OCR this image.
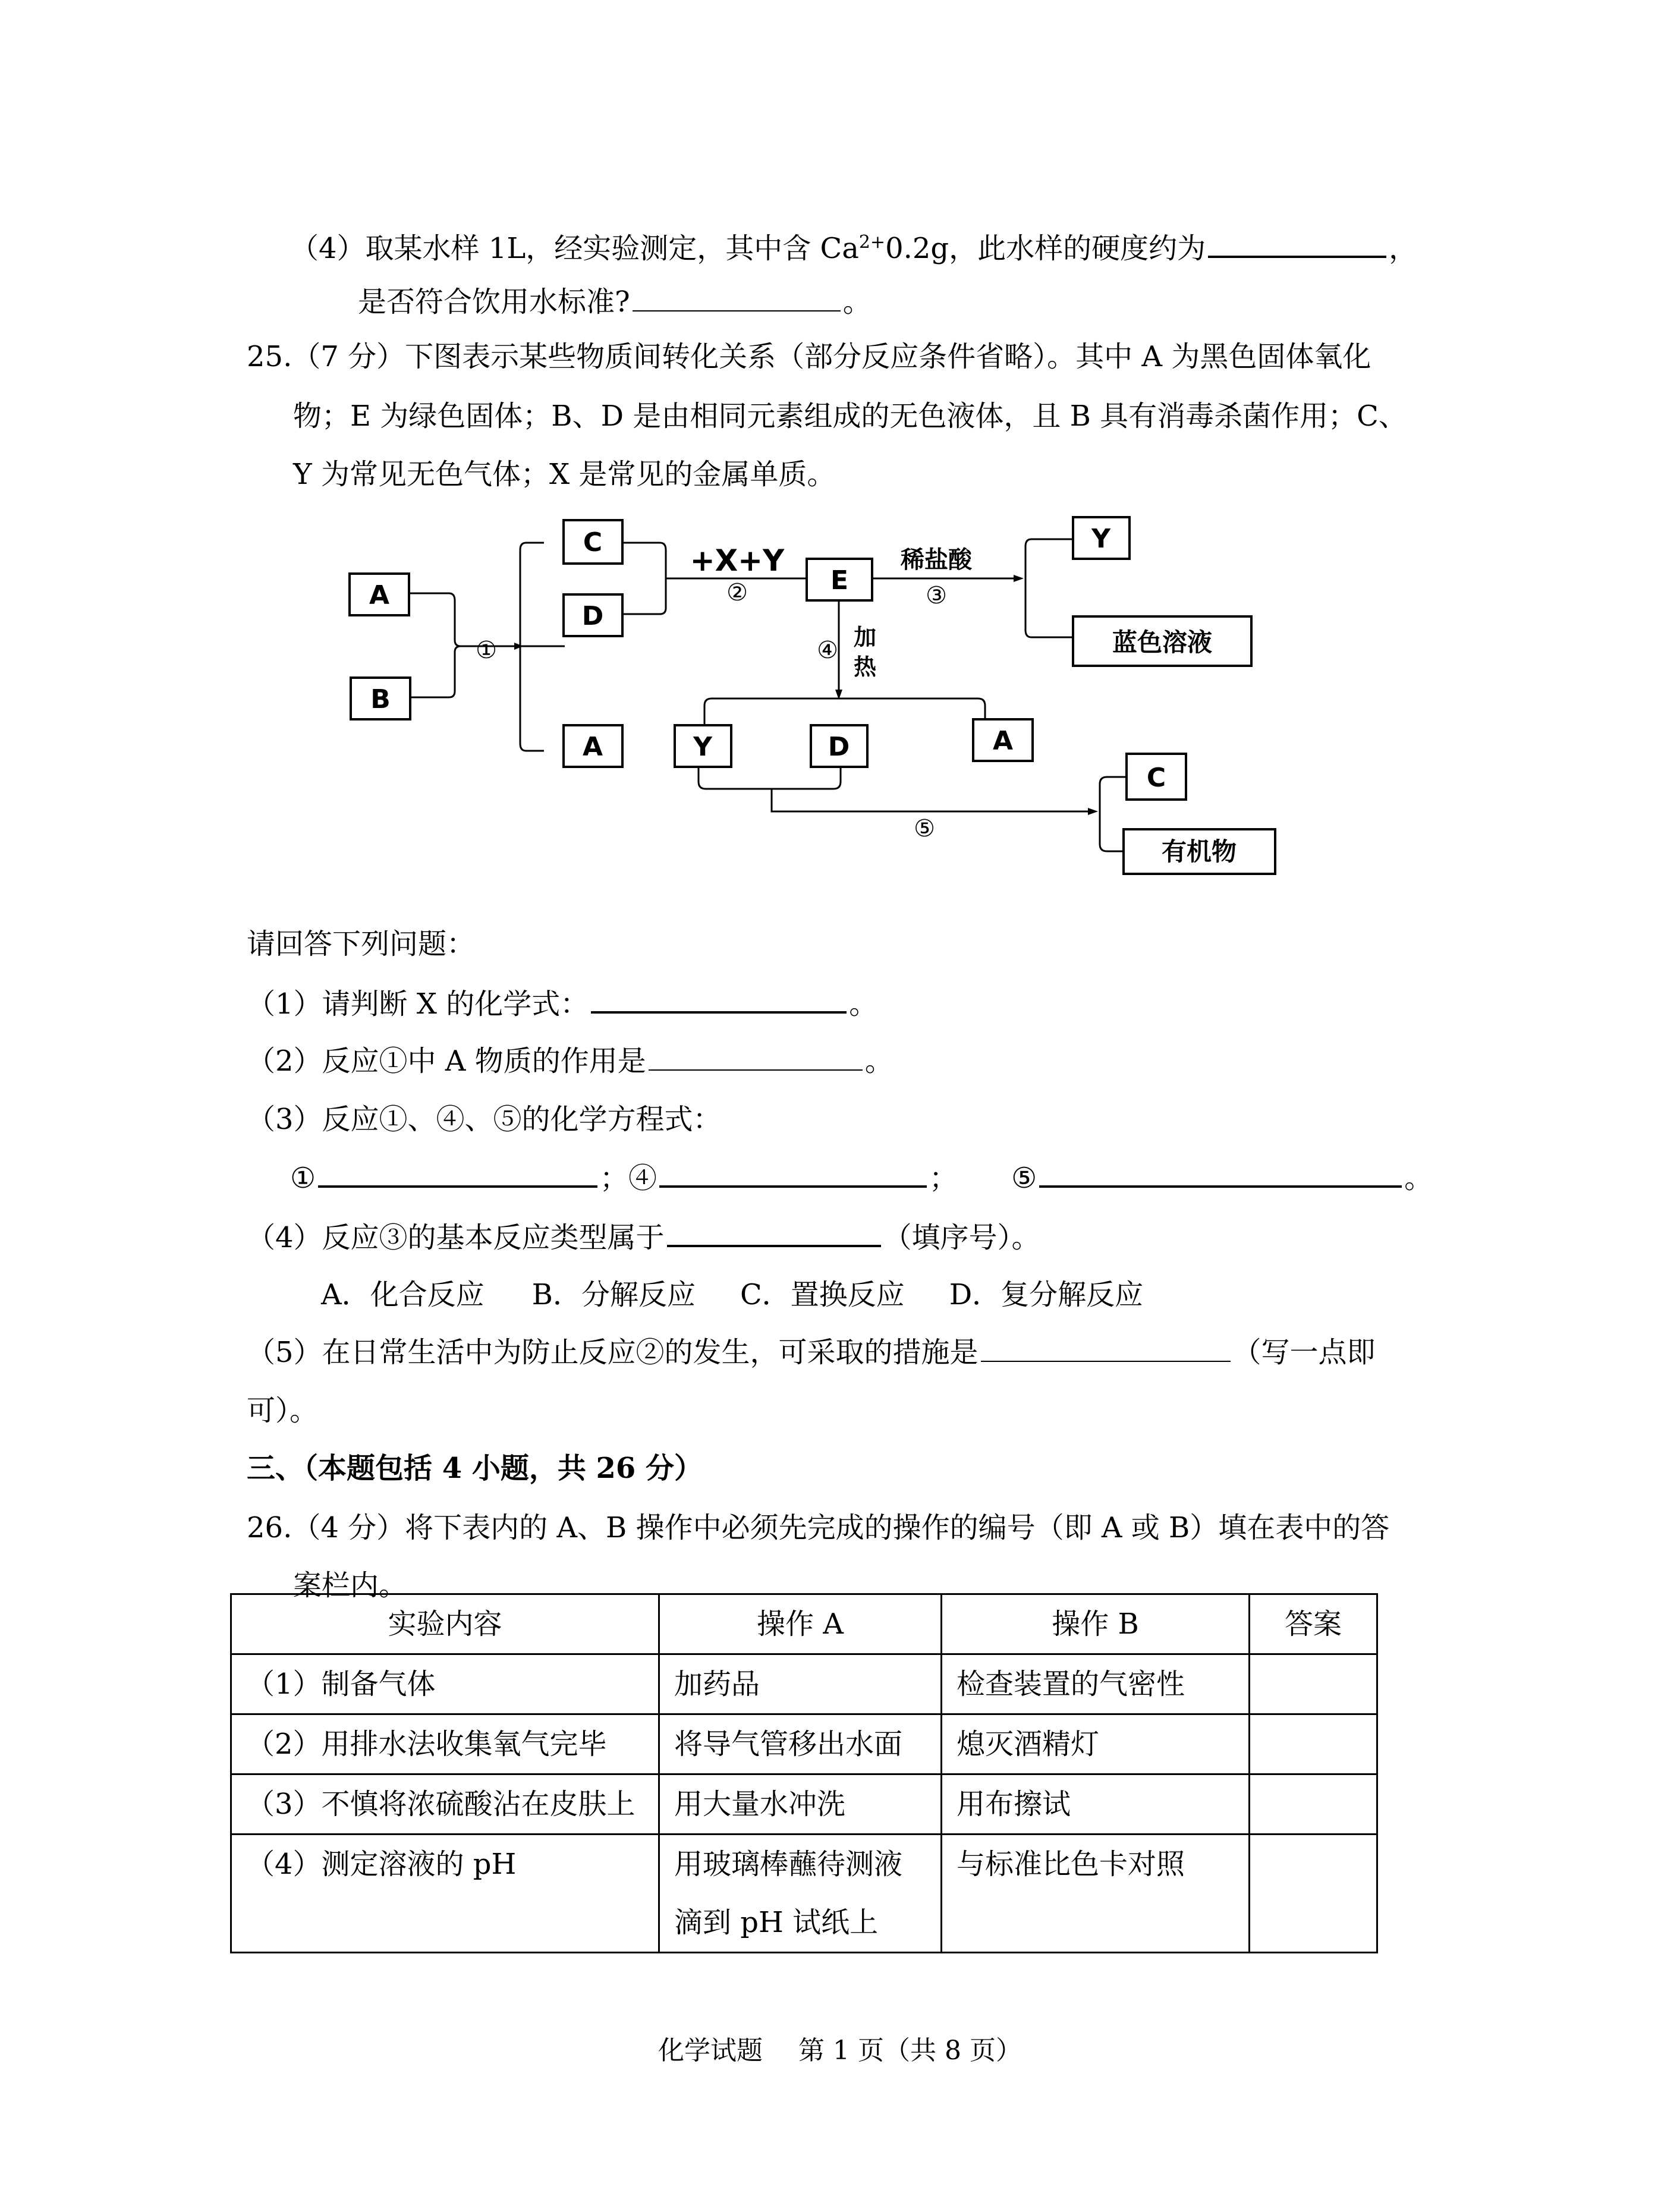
（4）取某水样 1L，经实验测定，其中含 $Ca^{2+}0.2g$，此水样的硬度约为	，
是否符合饮用水标准?	。
25.（7 分）下图表示某些物质间转化关系（部分反应条件省略）。其中 A 为黑色固体氧化
物；E 为绿色固体；B、D 是由相同元素组成的无色液体，且 B 具有消毒杀菌作用；C、
Y 为常见无色气体；X 是常见的金属单质。
A
B
C
D
A
E
Y
蓝色溶液
Y	D	A
C
有机物
①
②	③
④
⑤
+X+Y	稀盐酸
加
热
请回答下列问题：
（1）请判断 X 的化学式：	。
（2）反应①中 A 物质的作用是	。
（3）反应①、④、⑤的化学方程式：
①	；④	； ⑤	。
（4）反应③的基本反应类型属于	（填序号）。
A．化合反应 B．分解反应 C．置换反应 D．复分解反应
（5）在日常生活中为防止反应②的发生，可采取的措施是	（写一点即
可）。
三、（本题包括 4 小题，共 26 分）
26.（4 分）将下表内的 A、B 操作中必须先完成的操作的编号（即 A 或 B）填在表中的答
案栏内。
实验内容	操作 A	操作 B	答案
（1）制备气体	加药品	检查装置的气密性	
（2）用排水法收集氧气完毕	将导气管移出水面	熄灭酒精灯	
（3）不慎将浓硫酸沾在皮肤上	用大量水冲洗	用布擦试	
（4）测定溶液的 pH	用玻璃棒蘸待测液滴到 pH 试纸上	与标准比色卡对照	
化学试题 第 1 页（共 8 页）
